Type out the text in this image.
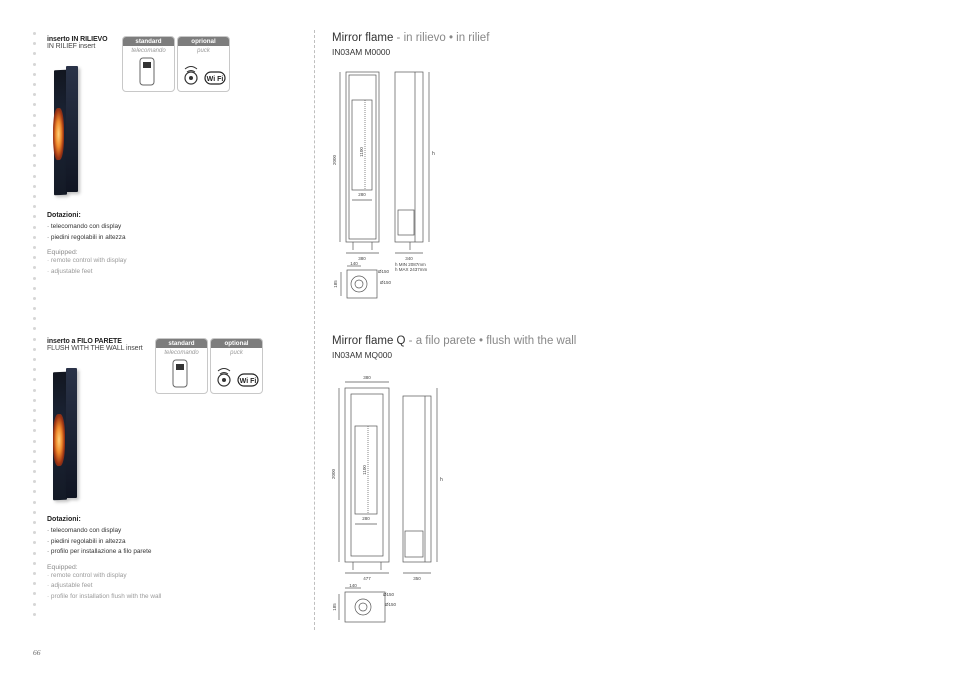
inserto IN RILIEVO
IN RILIEF insert
standard
telecomando
oprional
puck
Wi Fi
Dotazioni:
· telecomando con display
· piedini regolabili in altezza
Equipped:
· remote control with display
· adjustable feet
inserto a FILO PARETE
FLUSH WITH THE WALL insert
standard
telecomando
optional
puck
Wi Fi
Dotazioni:
· telecomando con display
· piedini regolabili in altezza
· profilo per installazione a filo parete
Equipped:
· remote control with display
· adjustable feet
· profile for installation flush with the wall
66
Mirror flame - in rilievo • in rilief
IN03AM M0000
2000
1100
280
380	340
h
h MIN 2087mm
h MAX 2437mm
140
185
Ø150
Ø150
Mirror flame Q - a filo parete • flush with the wall
IN03AM MQ000
380
2000	1100
280
477	350
h
140
185
Ø150
Ø150
